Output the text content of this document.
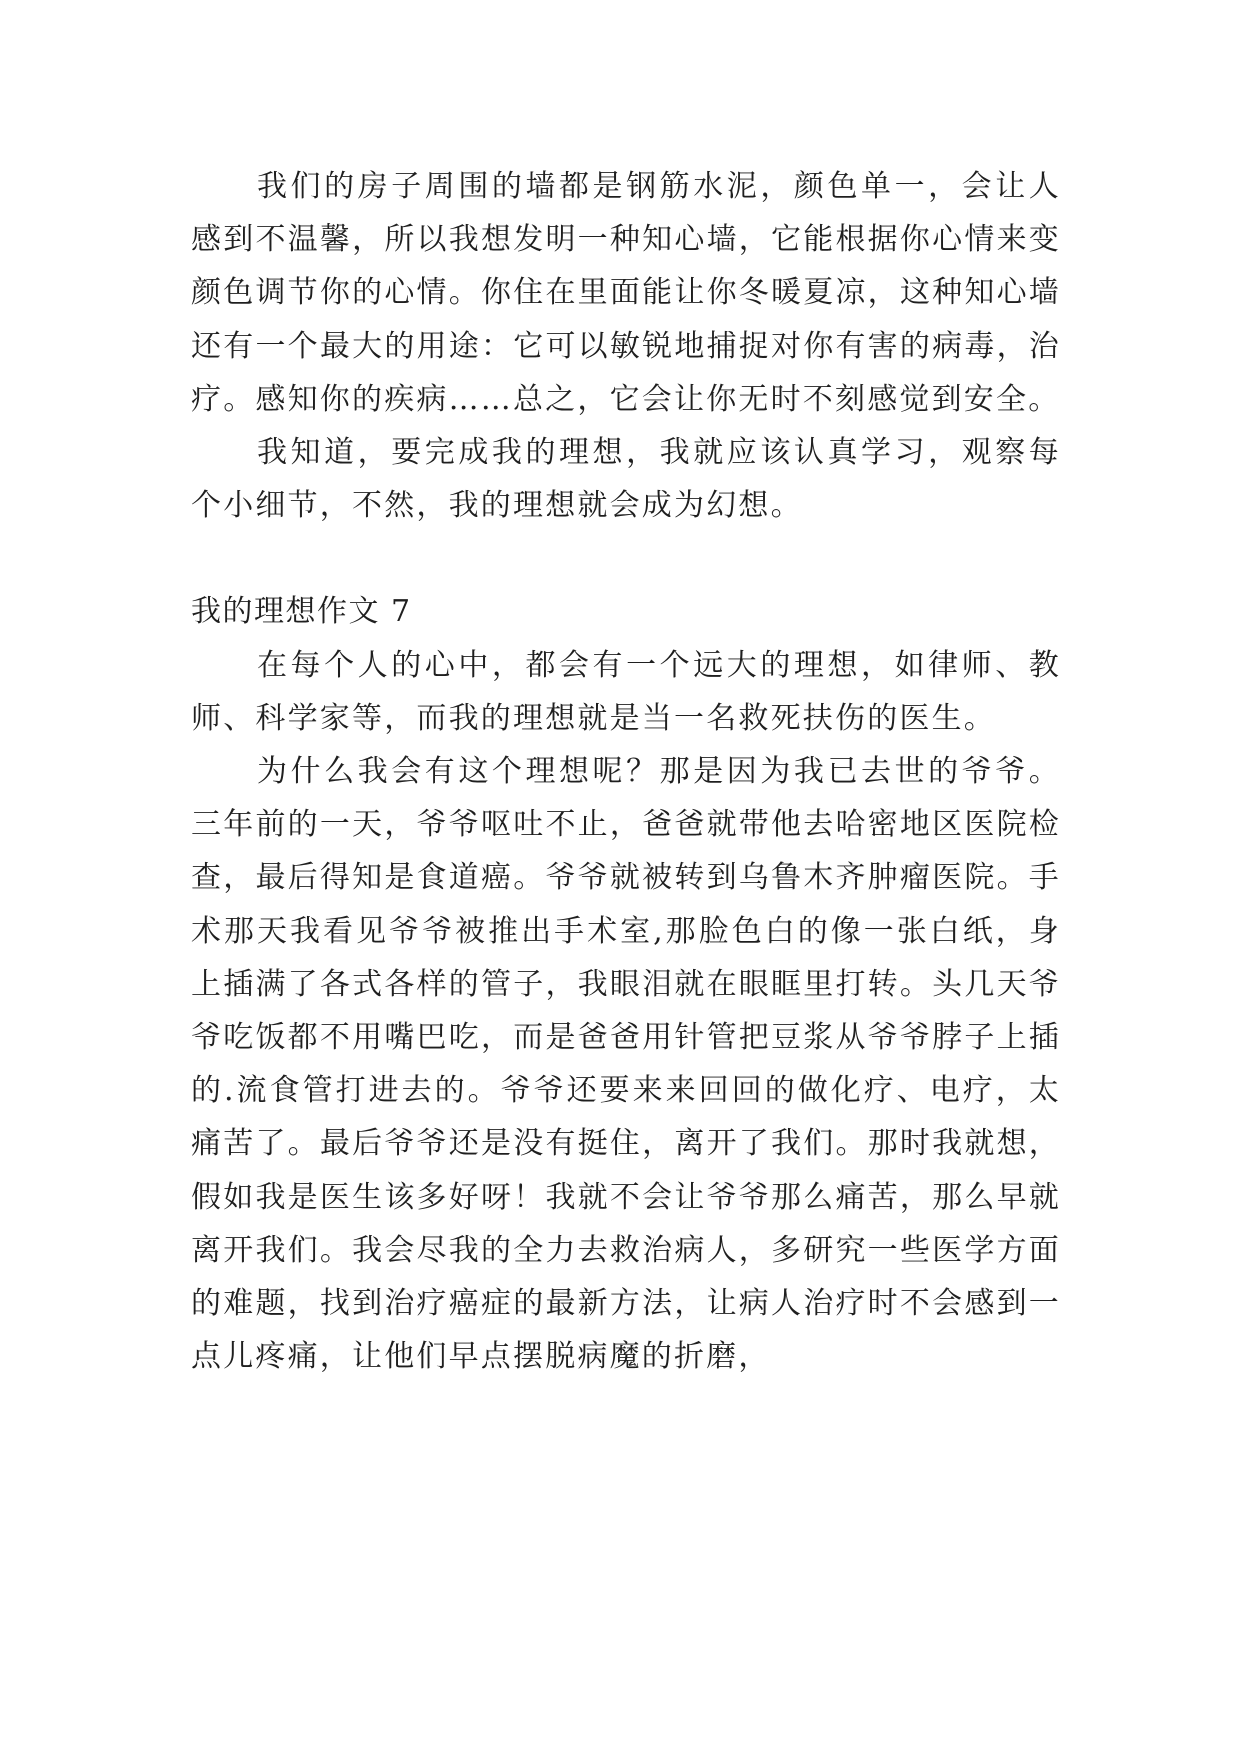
我们的房子周围的墙都是钢筋水泥，颜色单一，会让人感到不温馨，所以我想发明一种知心墙，它能根据你心情来变颜色调节你的心情。你住在里面能让你冬暖夏凉，这种知心墙还有一个最大的用途：它可以敏锐地捕捉对你有害的病毒，治疗。感知你的疾病……总之，它会让你无时不刻感觉到安全。

我知道，要完成我的理想，我就应该认真学习，观察每个小细节，不然，我的理想就会成为幻想。

我的理想作文 7

在每个人的心中，都会有一个远大的理想，如律师、教师、科学家等，而我的理想就是当一名救死扶伤的医生。

为什么我会有这个理想呢？那是因为我已去世的爷爷。三年前的一天，爷爷呕吐不止，爸爸就带他去哈密地区医院检查，最后得知是食道癌。爷爷就被转到乌鲁木齐肿瘤医院。手术那天我看见爷爷被推出手术室,那脸色白的像一张白纸，身上插满了各式各样的管子，我眼泪就在眼眶里打转。头几天爷爷吃饭都不用嘴巴吃，而是爸爸用针管把豆浆从爷爷脖子上插的.流食管打进去的。爷爷还要来来回回的做化疗、电疗，太痛苦了。最后爷爷还是没有挺住，离开了我们。那时我就想，假如我是医生该多好呀！我就不会让爷爷那么痛苦，那么早就离开我们。我会尽我的全力去救治病人，多研究一些医学方面的难题，找到治疗癌症的最新方法，让病人治疗时不会感到一点儿疼痛，让他们早点摆脱病魔的折磨，
